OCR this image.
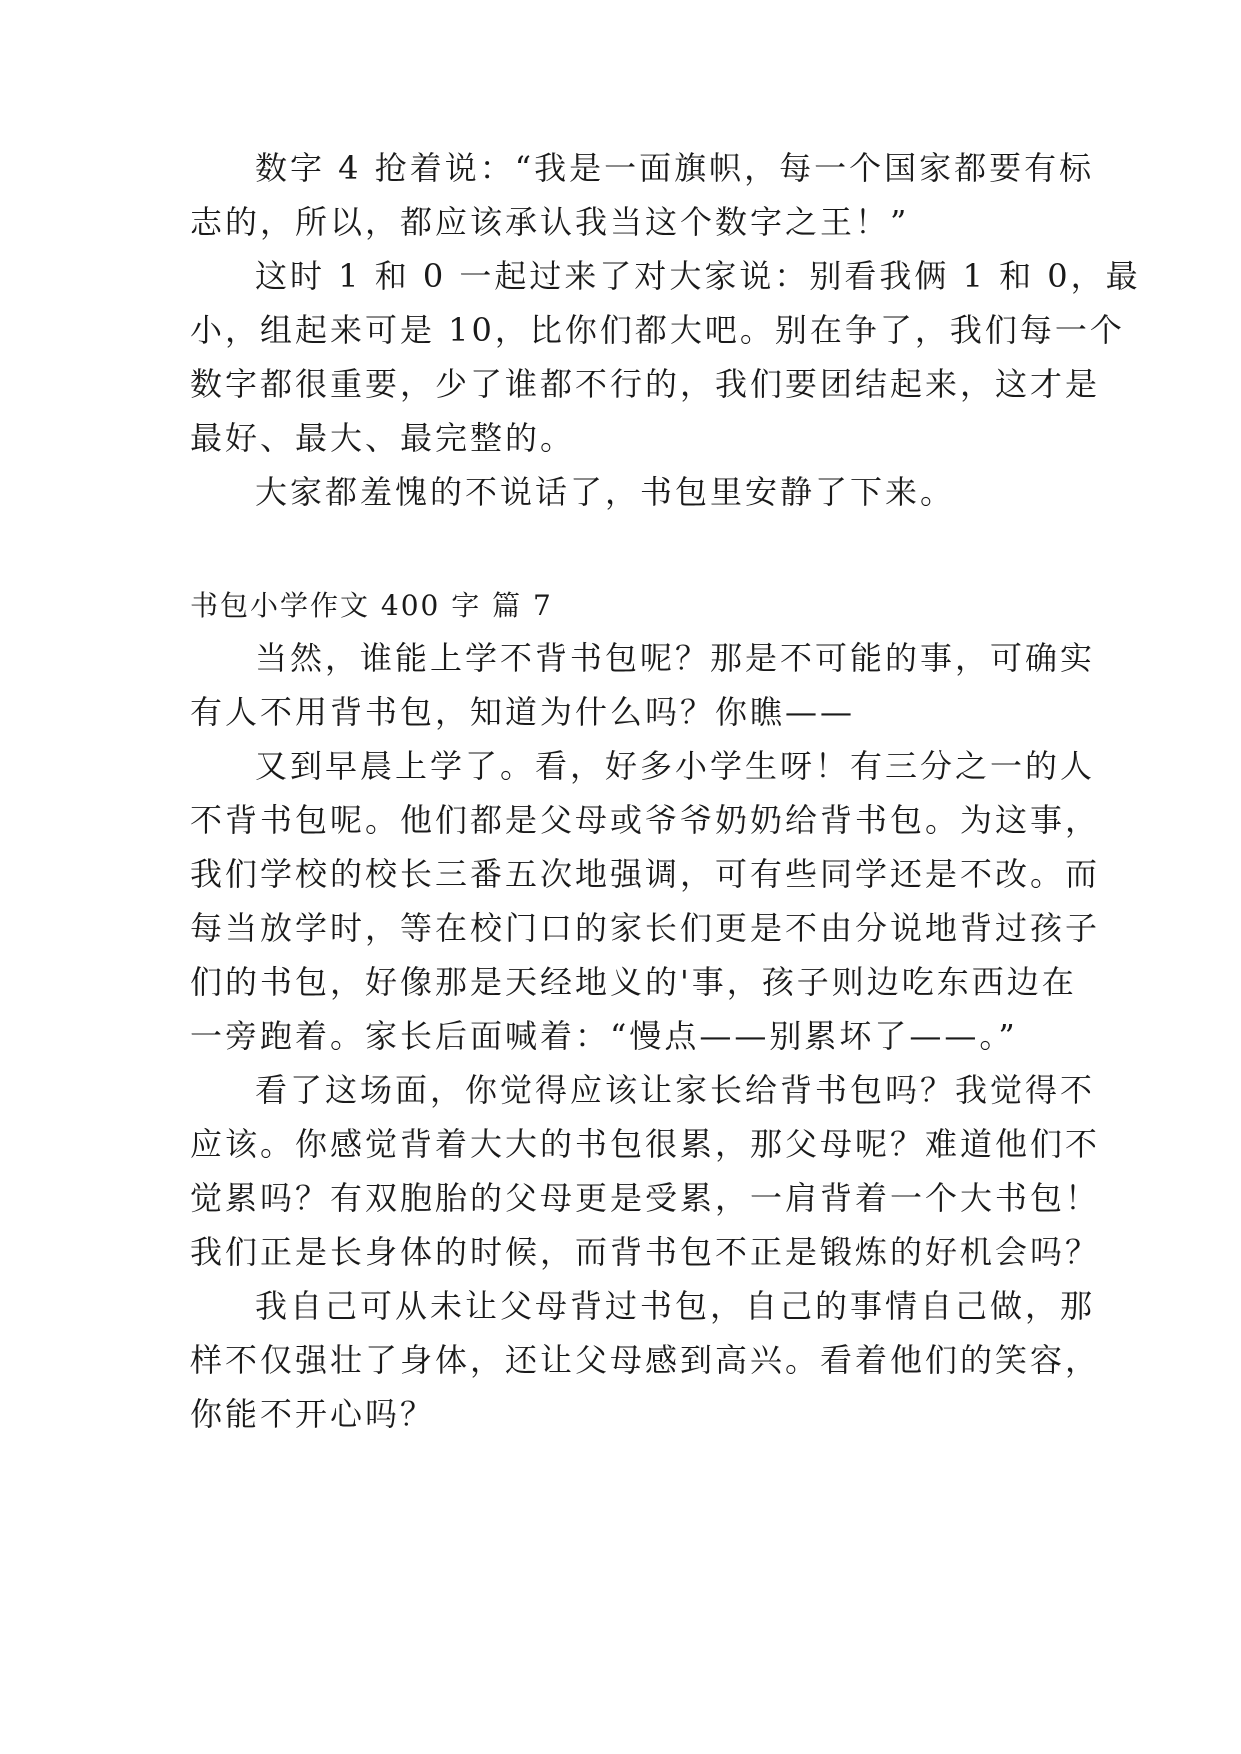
数字 4 抢着说：“我是一面旗帜，每一个国家都要有标
志的，所以，都应该承认我当这个数字之王！”
这时 1 和 0 一起过来了对大家说：别看我俩 1 和 0，最
小，组起来可是 10，比你们都大吧。别在争了，我们每一个
数字都很重要，少了谁都不行的，我们要团结起来，这才是
最好、最大、最完整的。
大家都羞愧的不说话了，书包里安静了下来。
书包小学作文 400 字 篇 7
当然，谁能上学不背书包呢？那是不可能的事，可确实
有人不用背书包，知道为什么吗？你瞧——
又到早晨上学了。看，好多小学生呀！有三分之一的人
不背书包呢。他们都是父母或爷爷奶奶给背书包。为这事，
我们学校的校长三番五次地强调，可有些同学还是不改。而
每当放学时，等在校门口的家长们更是不由分说地背过孩子
们的书包，好像那是天经地义的'事，孩子则边吃东西边在
一旁跑着。家长后面喊着：“慢点——别累坏了——。”
看了这场面，你觉得应该让家长给背书包吗？我觉得不
应该。你感觉背着大大的书包很累，那父母呢？难道他们不
觉累吗？有双胞胎的父母更是受累，一肩背着一个大书包！
我们正是长身体的时候，而背书包不正是锻炼的好机会吗？
我自己可从未让父母背过书包，自己的事情自己做，那
样不仅强壮了身体，还让父母感到高兴。看着他们的笑容，
你能不开心吗？
